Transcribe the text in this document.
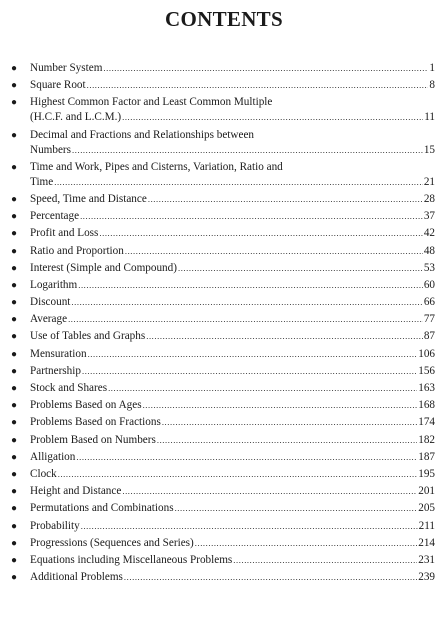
CONTENTS
● Number System .....	1
● Square Root .....	8
● Highest Common Factor and Least Common Multiple
(H.C.F. and L.C.M.) .....	11
● Decimal and Fractions and Relationships between
Numbers .....	15
● Time and Work, Pipes and Cisterns, Variation, Ratio and
Time .....	21
● Speed, Time and Distance .....	28
● Percentage .....	37
● Profit and Loss .....	42
● Ratio and Proportion .....	48
● Interest (Simple and Compound) .....	53
● Logarithm .....	60
● Discount .....	66
● Average .....	77
● Use of Tables and Graphs .....	87
● Mensuration .....	106
● Partnership .....	156
● Stock and Shares .....	163
● Problems Based on Ages .....	168
● Problems Based on Fractions .....	174
● Problem Based on Numbers .....	182
● Alligation .....	187
● Clock .....	195
● Height and Distance .....	201
● Permutations and Combinations .....	205
● Probability .....	211
● Progressions (Sequences and Series) .....	214
● Equations including Miscellaneous Problems .....	231
● Additional Problems .....	239
